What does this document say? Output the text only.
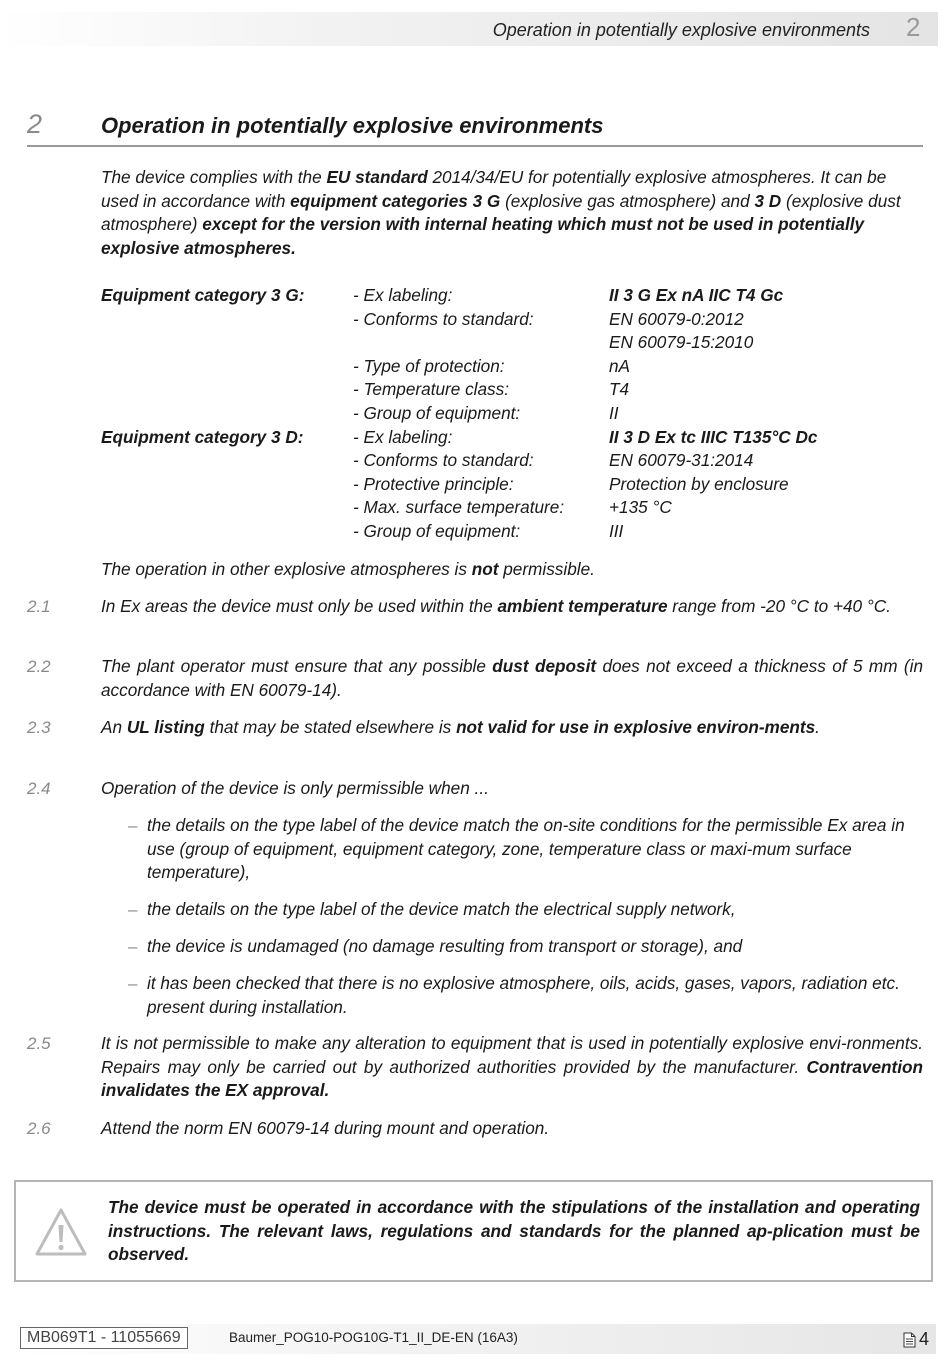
Operation in potentially explosive environments 2
2	Operation in potentially explosive environments
The device complies with the EU standard 2014/34/EU for potentially explosive atmospheres. It can be used in accordance with equipment categories 3 G (explosive gas atmosphere) and 3 D (explosive dust atmosphere) except for the version with internal heating which must not be used in potentially explosive atmospheres.
Equipment category 3 G:	- Ex labeling:	II 3 G Ex nA IIC T4 Gc
- Conforms to standard:	EN 60079-0:2012
EN 60079-15:2010
- Type of protection:	nA
- Temperature class:	T4
- Group of equipment:	II
Equipment category 3 D:	- Ex labeling:	II 3 D Ex tc IIIC T135°C Dc
- Conforms to standard:	EN 60079-31:2014
- Protective principle:	Protection by enclosure
- Max. surface temperature:	+135 °C
- Group of equipment:	III
The operation in other explosive atmospheres is not permissible.
2.1	In Ex areas the device must only be used within the ambient temperature range from -20 °C to +40 °C.
2.2	The plant operator must ensure that any possible dust deposit does not exceed a thickness of 5 mm (in accordance with EN 60079-14).
2.3	An UL listing that may be stated elsewhere is not valid for use in explosive environ-ments.
2.4	Operation of the device is only permissible when ...
– the details on the type label of the device match the on-site conditions for the permissible Ex area in use (group of equipment, equipment category, zone, temperature class or maxi-mum surface temperature),
– the details on the type label of the device match the electrical supply network,
– the device is undamaged (no damage resulting from transport or storage), and
– it has been checked that there is no explosive atmosphere, oils, acids, gases, vapors, radiation etc. present during installation.
2.5	It is not permissible to make any alteration to equipment that is used in potentially explosive envi-ronments. Repairs may only be carried out by authorized authorities provided by the manufacturer. Contravention invalidates the EX approval.
2.6	Attend the norm EN 60079-14 during mount and operation.
The device must be operated in accordance with the stipulations of the installation and operating instructions. The relevant laws, regulations and standards for the planned ap-plication must be observed.
MB069T1 - 11055669	Baumer_POG10-POG10G-T1_II_DE-EN (16A3)	4
